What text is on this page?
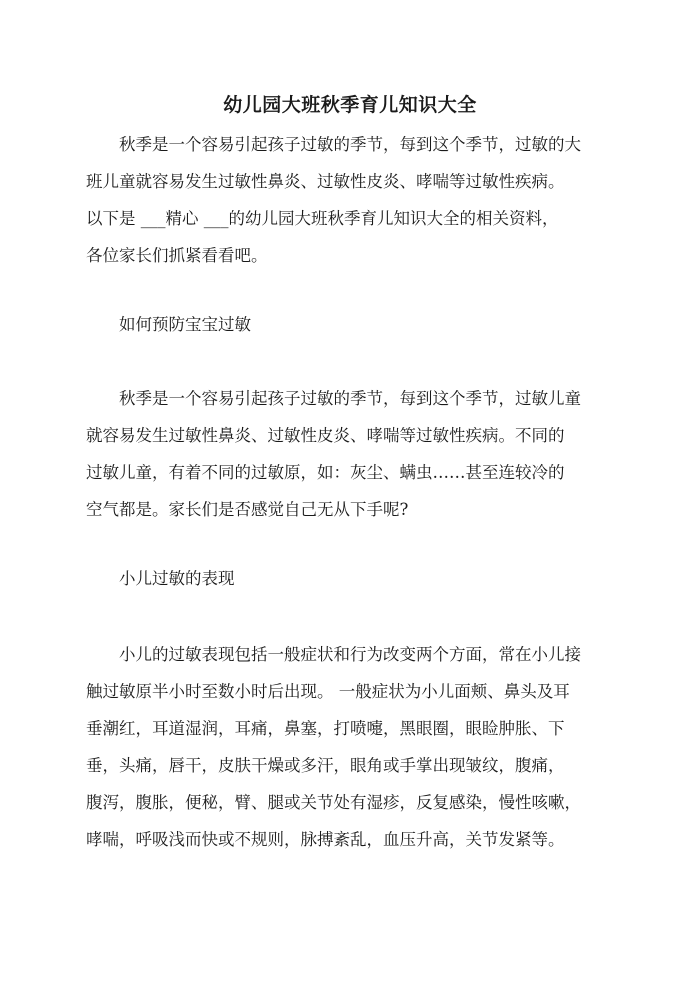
幼儿园大班秋季育儿知识大全

秋季是一个容易引起孩子过敏的季节，每到这个季节，过敏的大
班儿童就容易发生过敏性鼻炎、过敏性皮炎、哮喘等过敏性疾病。
以下是 ___精心 ___的幼儿园大班秋季育儿知识大全的相关资料，
各位家长们抓紧看看吧。

如何预防宝宝过敏

秋季是一个容易引起孩子过敏的季节，每到这个季节，过敏儿童
就容易发生过敏性鼻炎、过敏性皮炎、哮喘等过敏性疾病。不同的
过敏儿童，有着不同的过敏原，如：灰尘、螨虫……甚至连较冷的
空气都是。家长们是否感觉自己无从下手呢?

小儿过敏的表现

小儿的过敏表现包括一般症状和行为改变两个方面，常在小儿接
触过敏原半小时至数小时后出现。 一般症状为小儿面颊、鼻头及耳
垂潮红，耳道湿润，耳痛，鼻塞，打喷嚏，黑眼圈，眼睑肿胀、下
垂，头痛，唇干，皮肤干燥或多汗，眼角或手掌出现皱纹，腹痛，
腹泻，腹胀，便秘，臂、腿或关节处有湿疹，反复感染，慢性咳嗽，
哮喘，呼吸浅而快或不规则，脉搏紊乱，血压升高，关节发紧等。
